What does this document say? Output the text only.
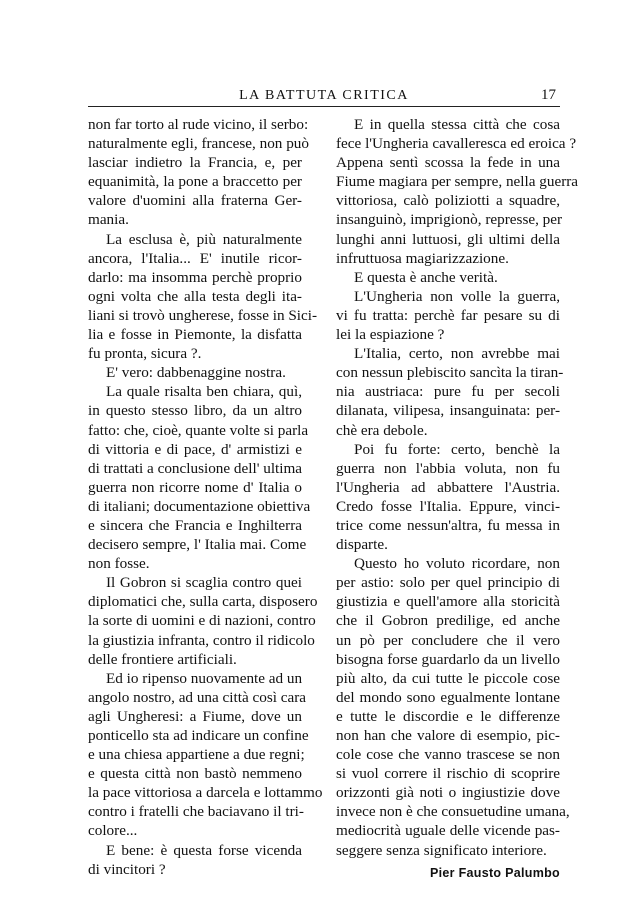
LA BATTUTA CRITICA	17
non far torto al rude vicino, il serbo:
naturalmente egli, francese, non può
lasciar indietro la Francia, e, per
equanimità, la pone a braccetto per
valore d'uomini alla fraterna Ger-
mania.
La esclusa è, più naturalmente
ancora, l'Italia... E' inutile ricor-
darlo: ma insomma perchè proprio
ogni volta che alla testa degli ita-
liani si trovò ungherese, fosse in Sici-
lia e fosse in Piemonte, la disfatta
fu pronta, sicura ?.
E' vero: dabbenaggine nostra.
La quale risalta ben chiara, quì,
in questo stesso libro, da un altro
fatto: che, cioè, quante volte si parla
di vittoria e di pace, d' armistizi e
di trattati a conclusione dell' ultima
guerra non ricorre nome d' Italia o
di italiani; documentazione obiettiva
e sincera che Francia e Inghilterra
decisero sempre, l' Italia mai. Come
non fosse.
Il Gobron si scaglia contro quei
diplomatici che, sulla carta, disposero
la sorte di uomini e di nazioni, contro
la giustizia infranta, contro il ridicolo
delle frontiere artificiali.
Ed io ripenso nuovamente ad un
angolo nostro, ad una città così cara
agli Ungheresi: a Fiume, dove un
ponticello sta ad indicare un confine
e una chiesa appartiene a due regni;
e questa città non bastò nemmeno
la pace vittoriosa a darcela e lottammo
contro i fratelli che baciavano il tri-
colore...
E bene: è questa forse vicenda
di vincitori ?
E in quella stessa città che cosa
fece l'Ungheria cavalleresca ed eroica ?
Appena sentì scossa la fede in una
Fiume magiara per sempre, nella guerra
vittoriosa, calò poliziotti a squadre,
insanguinò, imprigionò, represse, per
lunghi anni luttuosi, gli ultimi della
infruttuosa magiarizzazione.
E questa è anche verità.
L'Ungheria non volle la guerra,
vi fu tratta: perchè far pesare su di
lei la espiazione ?
L'Italia, certo, non avrebbe mai
con nessun plebiscito sancìta la tiran-
nia austriaca: pure fu per secoli
dilanata, vilipesa, insanguinata: per-
chè era debole.
Poi fu forte: certo, benchè la
guerra non l'abbia voluta, non fu
l'Ungheria ad abbattere l'Austria.
Credo fosse l'Italia. Eppure, vinci-
trice come nessun'altra, fu messa in
disparte.
Questo ho voluto ricordare, non
per astio: solo per quel principio di
giustizia e quell'amore alla storicità
che il Gobron predilige, ed anche
un pò per concludere che il vero
bisogna forse guardarlo da un livello
più alto, da cui tutte le piccole cose
del mondo sono egualmente lontane
e tutte le discordie e le differenze
non han che valore di esempio, pic-
cole cose che vanno trascese se non
si vuol correre il rischio di scoprire
orizzonti già noti o ingiustizie dove
invece non è che consuetudine umana,
mediocrità uguale delle vicende pas-
seggere senza significato interiore.
Pier Fausto Palumbo
